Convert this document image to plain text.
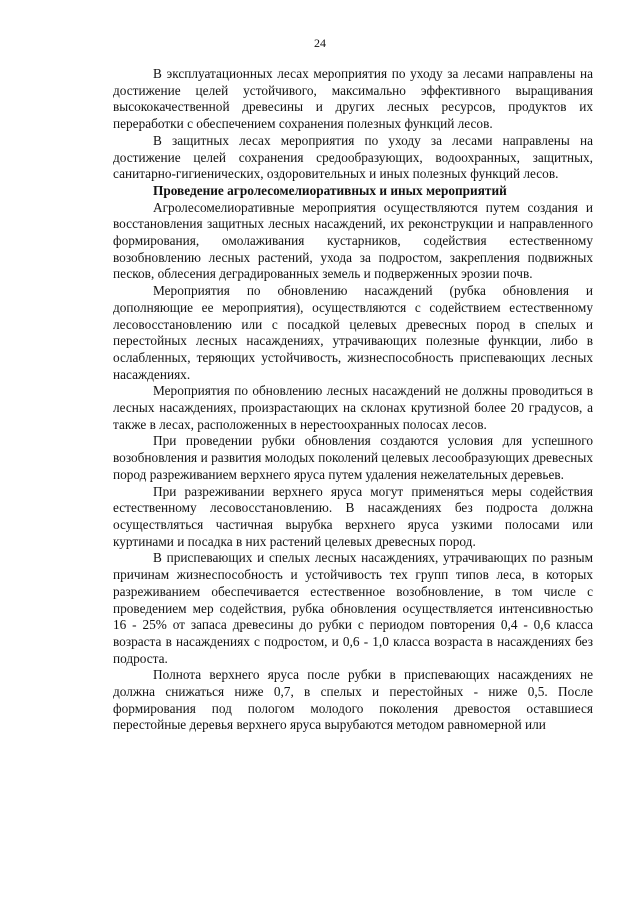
24

В эксплуатационных лесах мероприятия по уходу за лесами направлены на достижение целей устойчивого, максимально эффективного выращивания высококачественной древесины и других лесных ресурсов, продуктов их переработки с обеспечением сохранения полезных функций лесов.

В защитных лесах мероприятия по уходу за лесами направлены на достижение целей сохранения средообразующих, водоохранных, защитных, санитарно-гигиенических, оздоровительных и иных полезных функций лесов.

Проведение агролесомелиоративных и иных мероприятий

Агролесомелиоративные мероприятия осуществляются путем создания и восстановления защитных лесных насаждений, их реконструкции и направленного формирования, омолаживания кустарников, содействия естественному возобновлению лесных растений, ухода за подростом, закрепления подвижных песков, облесения деградированных земель и подверженных эрозии почв.

Мероприятия по обновлению насаждений (рубка обновления и дополняющие ее мероприятия), осуществляются с содействием естественному лесовосстановлению или с посадкой целевых древесных пород в спелых и перестойных лесных насаждениях, утрачивающих полезные функции, либо в ослабленных, теряющих устойчивость, жизнеспособность приспевающих лесных насаждениях.

Мероприятия по обновлению лесных насаждений не должны проводиться в лесных насаждениях, произрастающих на склонах крутизной более 20 градусов, а также в лесах, расположенных в нерестоохранных полосах лесов.

При проведении рубки обновления создаются условия для успешного возобновления и развития молодых поколений целевых лесообразующих древесных пород разреживанием верхнего яруса путем удаления нежелательных деревьев.

При разреживании верхнего яруса могут применяться меры содействия естественному лесовосстановлению. В насаждениях без подроста должна осуществляться частичная вырубка верхнего яруса узкими полосами или куртинами и посадка в них растений целевых древесных пород.

В приспевающих и спелых лесных насаждениях, утрачивающих по разным причинам жизнеспособность и устойчивость тех групп типов леса, в которых разреживанием обеспечивается естественное возобновление, в том числе с проведением мер содействия, рубка обновления осуществляется интенсивностью 16 - 25% от запаса древесины до рубки с периодом повторения 0,4 - 0,6 класса возраста в насаждениях с подростом, и 0,6 - 1,0 класса возраста в насаждениях без подроста.

Полнота верхнего яруса после рубки в приспевающих насаждениях не должна снижаться ниже 0,7, в спелых и перестойных - ниже 0,5. После формирования под пологом молодого поколения древостоя оставшиеся перестойные деревья верхнего яруса вырубаются методом равномерной или
